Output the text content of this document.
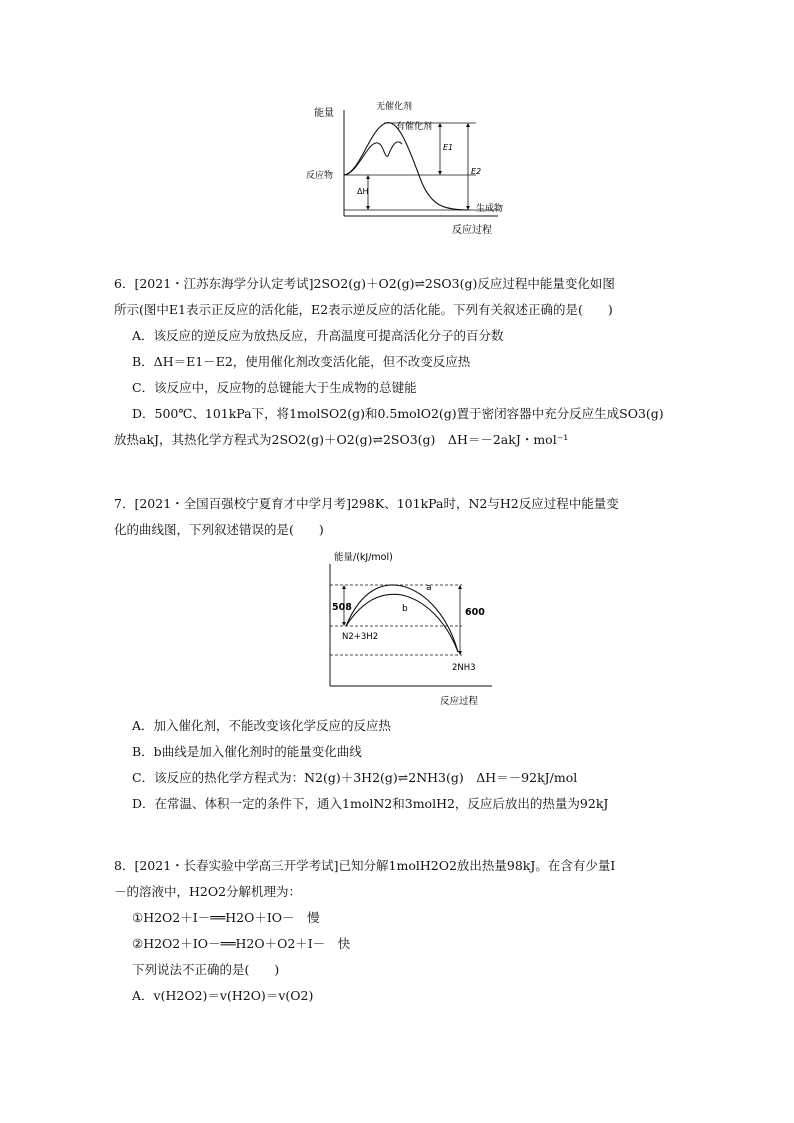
能量
无催化剂
有催化剂
反应物
生成物
E1
E2
ΔH
反应过程
6．[2021・江苏东海学分认定考试]2SO2(g)＋O2(g)⇌2SO3(g)反应过程中能量变化如图
所示(图中E1表示正反应的活化能，E2表示逆反应的活化能。下列有关叙述正确的是(　　)
A．该反应的逆反应为放热反应，升高温度可提高活化分子的百分数
B．ΔH＝E1－E2，使用催化剂改变活化能，但不改变反应热
C．该反应中，反应物的总键能大于生成物的总键能
D．500℃、101kPa下，将1molSO2(g)和0.5molO2(g)置于密闭容器中充分反应生成SO3(g)
放热akJ，其热化学方程式为2SO2(g)＋O2(g)⇌2SO3(g)　ΔH＝－2akJ・mol⁻¹
7．[2021・全国百强校宁夏育才中学月考]298K、101kPa时，N2与H2反应过程中能量变
化的曲线图，下列叙述错误的是(　　)
能量/(kJ/mol)
508	600
a
b
N2+3H2
2NH3
反应过程
A．加入催化剂，不能改变该化学反应的反应热
B．b曲线是加入催化剂时的能量变化曲线
C．该反应的热化学方程式为：N2(g)＋3H2(g)⇌2NH3(g)　ΔH＝－92kJ/mol
D．在常温、体积一定的条件下，通入1molN2和3molH2，反应后放出的热量为92kJ
8．[2021・长春实验中学高三开学考试]已知分解1molH2O2放出热量98kJ。在含有少量I
－的溶液中，H2O2分解机理为：
①H2O2＋I－══H2O＋IO－　慢
②H2O2＋IO－══H2O＋O2＋I－　快
下列说法不正确的是(　　)
A．v(H2O2)＝v(H2O)＝v(O2)
